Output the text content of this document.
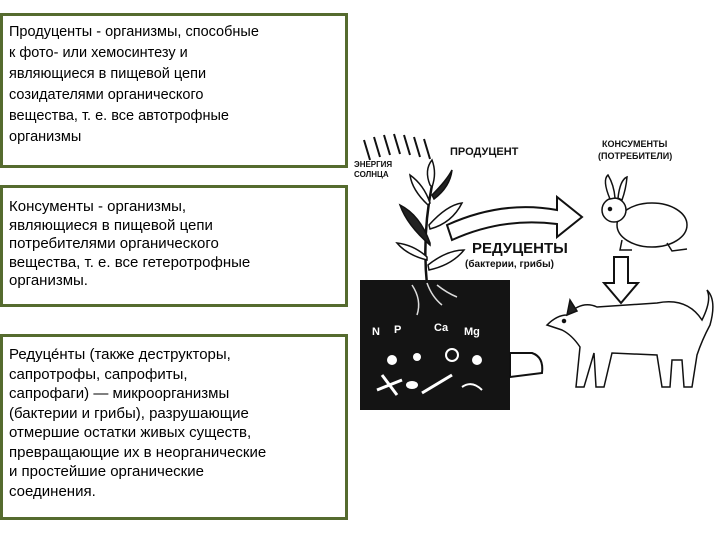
Продуценты - организмы, способные
к фото- или хемосинтезу и
являющиеся в пищевой цепи
созидателями органического
вещества, т. е. все автотрофные
организмы
Консументы - организмы,
являющиеся в пищевой цепи
потребителями органического
вещества, т. е. все гетеротрофные
организмы.
Редуце́нты (также деструкторы,
сапротрофы, сапрофиты,
сапрофаги) — микроорганизмы
(бактерии и грибы), разрушающие
отмершие остатки живых существ,
превращающие их в неорганические
и простейшие органические
соединения.
ЭНЕРГИЯ
СОЛНЦА
ПРОДУЦЕНТ
КОНСУМЕНТЫ
(ПОТРЕБИТЕЛИ)
РЕДУЦЕНТЫ
(бактерии, грибы)
N P	Ca Mg
